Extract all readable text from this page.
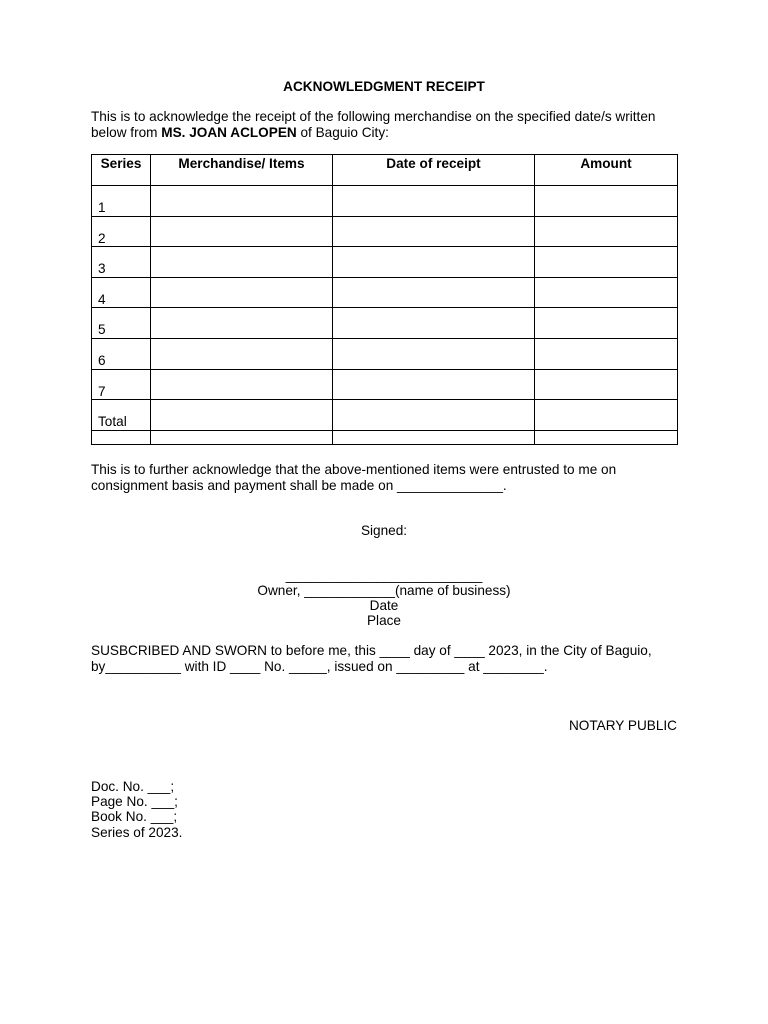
ACKNOWLEDGMENT RECEIPT
This is to acknowledge the receipt of the following merchandise on the specified date/s written below from MS. JOAN ACLOPEN of Baguio City:
Series	Merchandise/ Items	Date of receipt	Amount
1			
2			
3			
4			
5			
6			
7			
Total			

This is to further acknowledge that the above-mentioned items were entrusted to me on consignment basis and payment shall be made on ______________.
Signed:
__________________________
Owner, ____________(name of business)
Date
Place
SUSBCRIBED AND SWORN to before me, this ____ day of ____ 2023, in the City of Baguio, by__________ with ID ____ No. _____, issued on _________ at ________.
NOTARY PUBLIC
Doc. No. ___;
Page No. ___;
Book No. ___;
Series of 2023.
